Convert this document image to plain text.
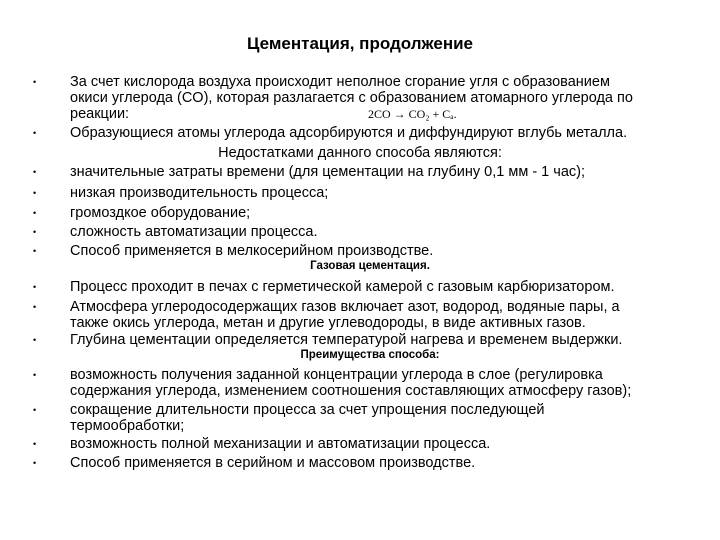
Цементация, продолжение
• За счет кислорода воздуха происходит неполное сгорание угля с образованием
окиси углерода (CO), которая разлагается с образованием атомарного углерода по
реакции:	2CO → CO₂ + Cₐ.
• Образующиеся атомы углерода адсорбируются и диффундируют вглубь металла.
Недостатками данного способа являются:
• значительные затраты времени (для цементации на глубину 0,1 мм - 1 час);
• низкая производительность процесса;
• громоздкое оборудование;
• сложность автоматизации процесса.
• Способ применяется в мелкосерийном производстве.
Газовая цементация.
• Процесс проходит в печах с герметической камерой с газовым карбюризатором.
• Атмосфера углеродосодержащих газов включает азот, водород, водяные пары, а
также окись углерода, метан и другие углеводороды, в виде активных газов.
• Глубина цементации определяется температурой нагрева и временем выдержки.
Преимущества способа:
• возможность получения заданной концентрации углерода в слое (регулировка
содержания углерода, изменением соотношения составляющих атмосферу газов);
• сокращение длительности процесса за счет упрощения последующей
термообработки;
• возможность полной механизации и автоматизации процесса.
• Способ применяется в серийном и массовом производстве.
